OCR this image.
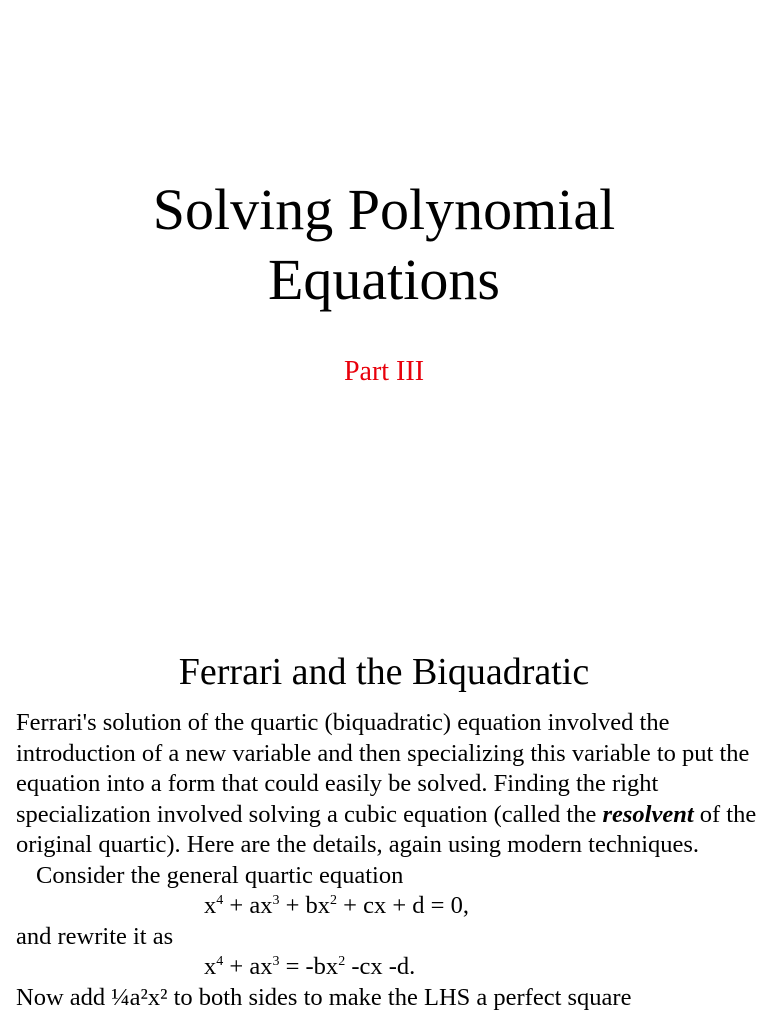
Solving Polynomial
Equations
Part III
Ferrari and the Biquadratic

Ferrari's solution of the quartic (biquadratic) equation involved the introduction of a new variable and then specializing this variable to put the equation into a form that could easily be solved. Finding the right specialization involved solving a cubic equation (called the resolvent of the original quartic). Here are the details, again using modern techniques.

Consider the general quartic equation

$x^4 + ax^3 + bx^2$ + cx + d = 0,

and rewrite it as

$x^4 + ax^3 = -bx^2$ -cx -d.

Now add ¼a²x² to both sides to make the LHS a perfect square
